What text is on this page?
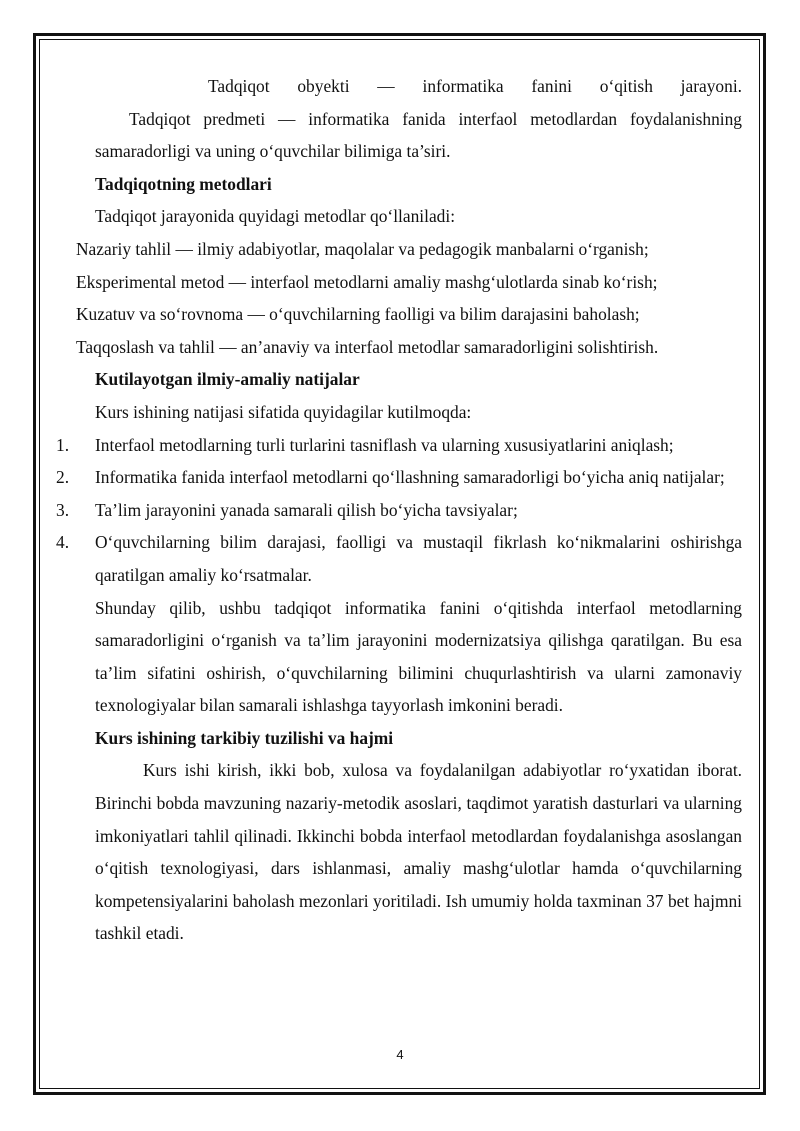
Tadqiqot obyekti — informatika fanini o‘qitish jarayoni.

Tadqiqot predmeti — informatika fanida interfaol metodlardan foydalanishning samaradorligi va uning o‘quvchilar bilimiga ta’siri.

Tadqiqotning metodlari

Tadqiqot jarayonida quyidagi metodlar qo‘llaniladi:

Nazariy tahlil — ilmiy adabiyotlar, maqolalar va pedagogik manbalarni o‘rganish;

Eksperimental metod — interfaol metodlarni amaliy mashg‘ulotlarda sinab ko‘rish;

Kuzatuv va so‘rovnoma — o‘quvchilarning faolligi va bilim darajasini baholash;

Taqqoslash va tahlil — an’anaviy va interfaol metodlar samaradorligini solishtirish.

Kutilayotgan ilmiy-amaliy natijalar

Kurs ishining natijasi sifatida quyidagilar kutilmoqda:

1. Interfaol metodlarning turli turlarini tasniflash va ularning xususiyatlarini aniqlash;
2. Informatika fanida interfaol metodlarni qo‘llashning samaradorligi bo‘yicha aniq natijalar;
3. Ta’lim jarayonini yanada samarali qilish bo‘yicha tavsiyalar;
4. O‘quvchilarning bilim darajasi, faolligi va mustaqil fikrlash ko‘nikmalarini oshirishga qaratilgan amaliy ko‘rsatmalar.

Shunday qilib, ushbu tadqiqot informatika fanini o‘qitishda interfaol metodlarning samaradorligini o‘rganish va ta’lim jarayonini modernizatsiya qilishga qaratilgan. Bu esa ta’lim sifatini oshirish, o‘quvchilarning bilimini chuqurlashtirish va ularni zamonaviy texnologiyalar bilan samarali ishlashga tayyorlash imkonini beradi.

Kurs ishining tarkibiy tuzilishi va hajmi

Kurs ishi kirish, ikki bob, xulosa va foydalanilgan adabiyotlar ro‘yxatidan iborat. Birinchi bobda mavzuning nazariy-metodik asoslari, taqdimot yaratish dasturlari va ularning imkoniyatlari tahlil qilinadi. Ikkinchi bobda interfaol metodlardan foydalanishga asoslangan o‘qitish texnologiyasi, dars ishlanmasi, amaliy mashg‘ulotlar hamda o‘quvchilarning kompetensiyalarini baholash mezonlari yoritiladi. Ish umumiy holda taxminan 37 bet hajmni tashkil etadi.

4
